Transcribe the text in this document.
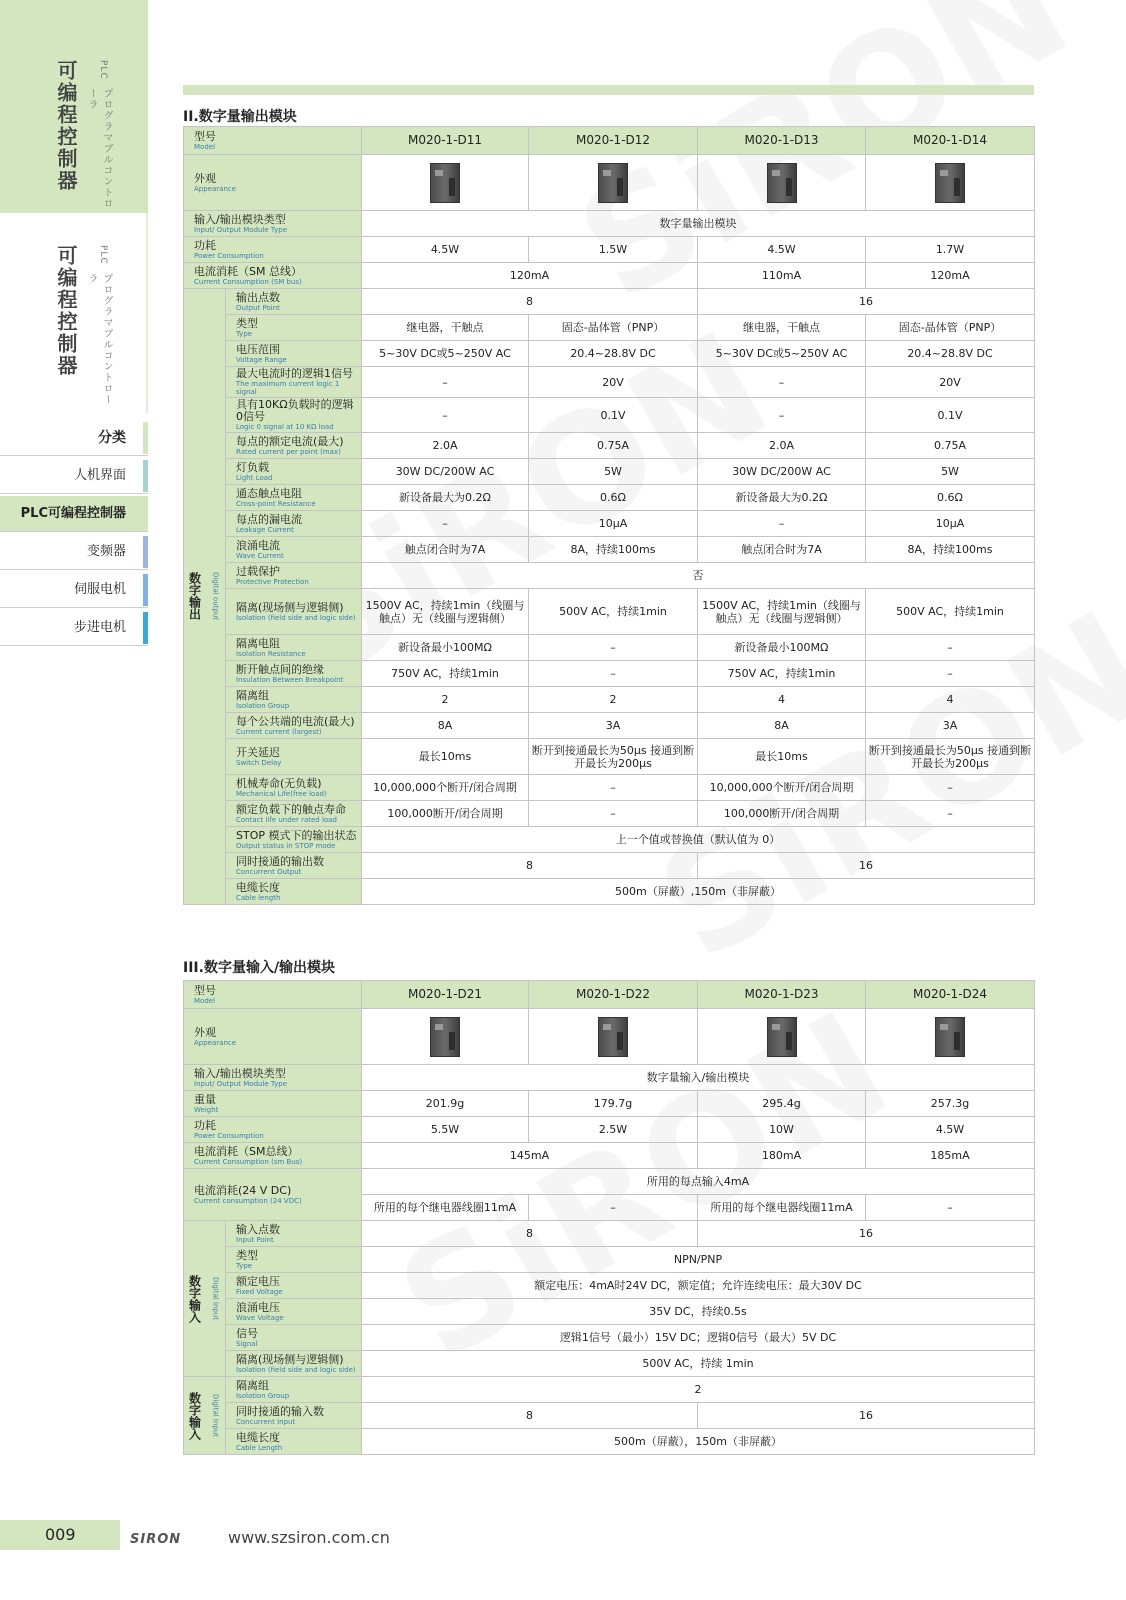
可编程控制器	PLC
プログラマブルコントローラ
可编程控制器	PLC
プログラマブルコントローラ
分类
人机界面
PLC可编程控制器
变频器
伺服电机
步进电机
II.数字量输出模块
型号
Model		M020-1-D11	M020-1-D12	M020-1-D13	M020-1-D14

外观
Appearance					

输入/输出模块类型
Input/ Output Module Type		数字量输出模块			

功耗
Power Consumption		4.5W	1.5W	4.5W	1.7W

电流消耗（SM 总线）
Current Consumption (SM bus)		120mA		110mA	120mA

数字输出 Digital output	输出点数
Output Point	8		16	

	类型
Type	继电器，干触点	固态-晶体管（PNP）	继电器，干触点	固态-晶体管（PNP）

	电压范围
Voltage Range	5~30V DC或5~250V AC	20.4~28.8V DC	5~30V DC或5~250V AC	20.4~28.8V DC

	最大电流时的逻辑1信号
The maximum current logic 1 signal	–	20V	–	20V

	具有10KΩ负载时的逻辑0信号
Logic 0 signal at 10 KΩ load	–	0.1V	–	0.1V

	每点的额定电流(最大)
Rated current per point (max)	2.0A	0.75A	2.0A	0.75A

	灯负载
Light Load	30W DC/200W AC	5W	30W DC/200W AC	5W

	通态触点电阻
Cross-point Resistance	新设备最大为0.2Ω	0.6Ω	新设备最大为0.2Ω	0.6Ω

	每点的漏电流
Leakage Current	–	10μA	–	10μA

	浪涌电流
Wave Current	触点闭合时为7A	8A，持续100ms	触点闭合时为7A	8A，持续100ms

	过载保护
Protective Protection	否			

	隔离(现场侧与逻辑侧)
Isolation (field side and logic side)	1500V AC，持续1min（线圈与触点）无（线圈与逻辑侧）	500V AC，持续1min	1500V AC，持续1min（线圈与触点）无（线圈与逻辑侧）	500V AC，持续1min

	隔离电阻
Isolation Resistance	新设备最小100MΩ	–	新设备最小100MΩ	–

	断开触点间的绝缘
Insulation Between Breakpoint	750V AC，持续1min	–	750V AC，持续1min	–

	隔离组
Isolation Group	2	2	4	4

	每个公共端的电流(最大)
Current current (largest)	8A	3A	8A	3A

	开关延迟
Switch Delay	最长10ms	断开到接通最长为50μs 接通到断开最长为200μs	最长10ms	断开到接通最长为50μs 接通到断开最长为200μs

	机械寿命(无负载)
Mechanical Life(free load)	10,000,000个断开/闭合周期	–	10,000,000个断开/闭合周期	–

	额定负载下的触点寿命
Contact life under rated load	100,000断开/闭合周期	–	100,000断开/闭合周期	–

	STOP 模式下的输出状态
Output status in STOP mode	上一个值或替换值（默认值为 0）			

	同时接通的输出数
Concurrent Output	8		16	

	电缆长度
Cable length	500m（屏蔽）,150m（非屏蔽）			
III.数字量输入/输出模块
型号
Model		M020-1-D21	M020-1-D22	M020-1-D23	M020-1-D24

外观
Appearance					

输入/输出模块类型
Input/ Output Module Type		数字量输入/输出模块			

重量
Weight		201.9g	179.7g	295.4g	257.3g

功耗
Power Consumption		5.5W	2.5W	10W	4.5W

电流消耗（SM总线）
Current Consumption (sm Bus)		145mA		180mA	185mA

电流消耗(24 V DC)
Current consumption (24 VDC)		所用的每点输入4mA			
		所用的每个继电器线圈11mA	–	所用的每个继电器线圈11mA	–

数字输入 Digital Input	输入点数
Input Point	8		16	

	类型
Type	NPN/PNP			

	额定电压
Fixed Voltage	额定电压：4mA时24V DC，额定值；允许连续电压：最大30V DC			

	浪涌电压
Wave Voltage	35V DC，持续0.5s			

	信号
Signal	逻辑1信号（最小）15V DC；逻辑0信号（最大）5V DC			

	隔离(现场侧与逻辑侧)
Isolation (field side and logic side)	500V AC，持续 1min			

数字输入 Digital Input	隔离组
Isolation Group	2			

	同时接通的输入数
Concurrent Input	8		16	

	电缆长度
Cable Length	500m（屏蔽），150m（非屏蔽）			
009	SIRON	www.szsiron.com.cn
